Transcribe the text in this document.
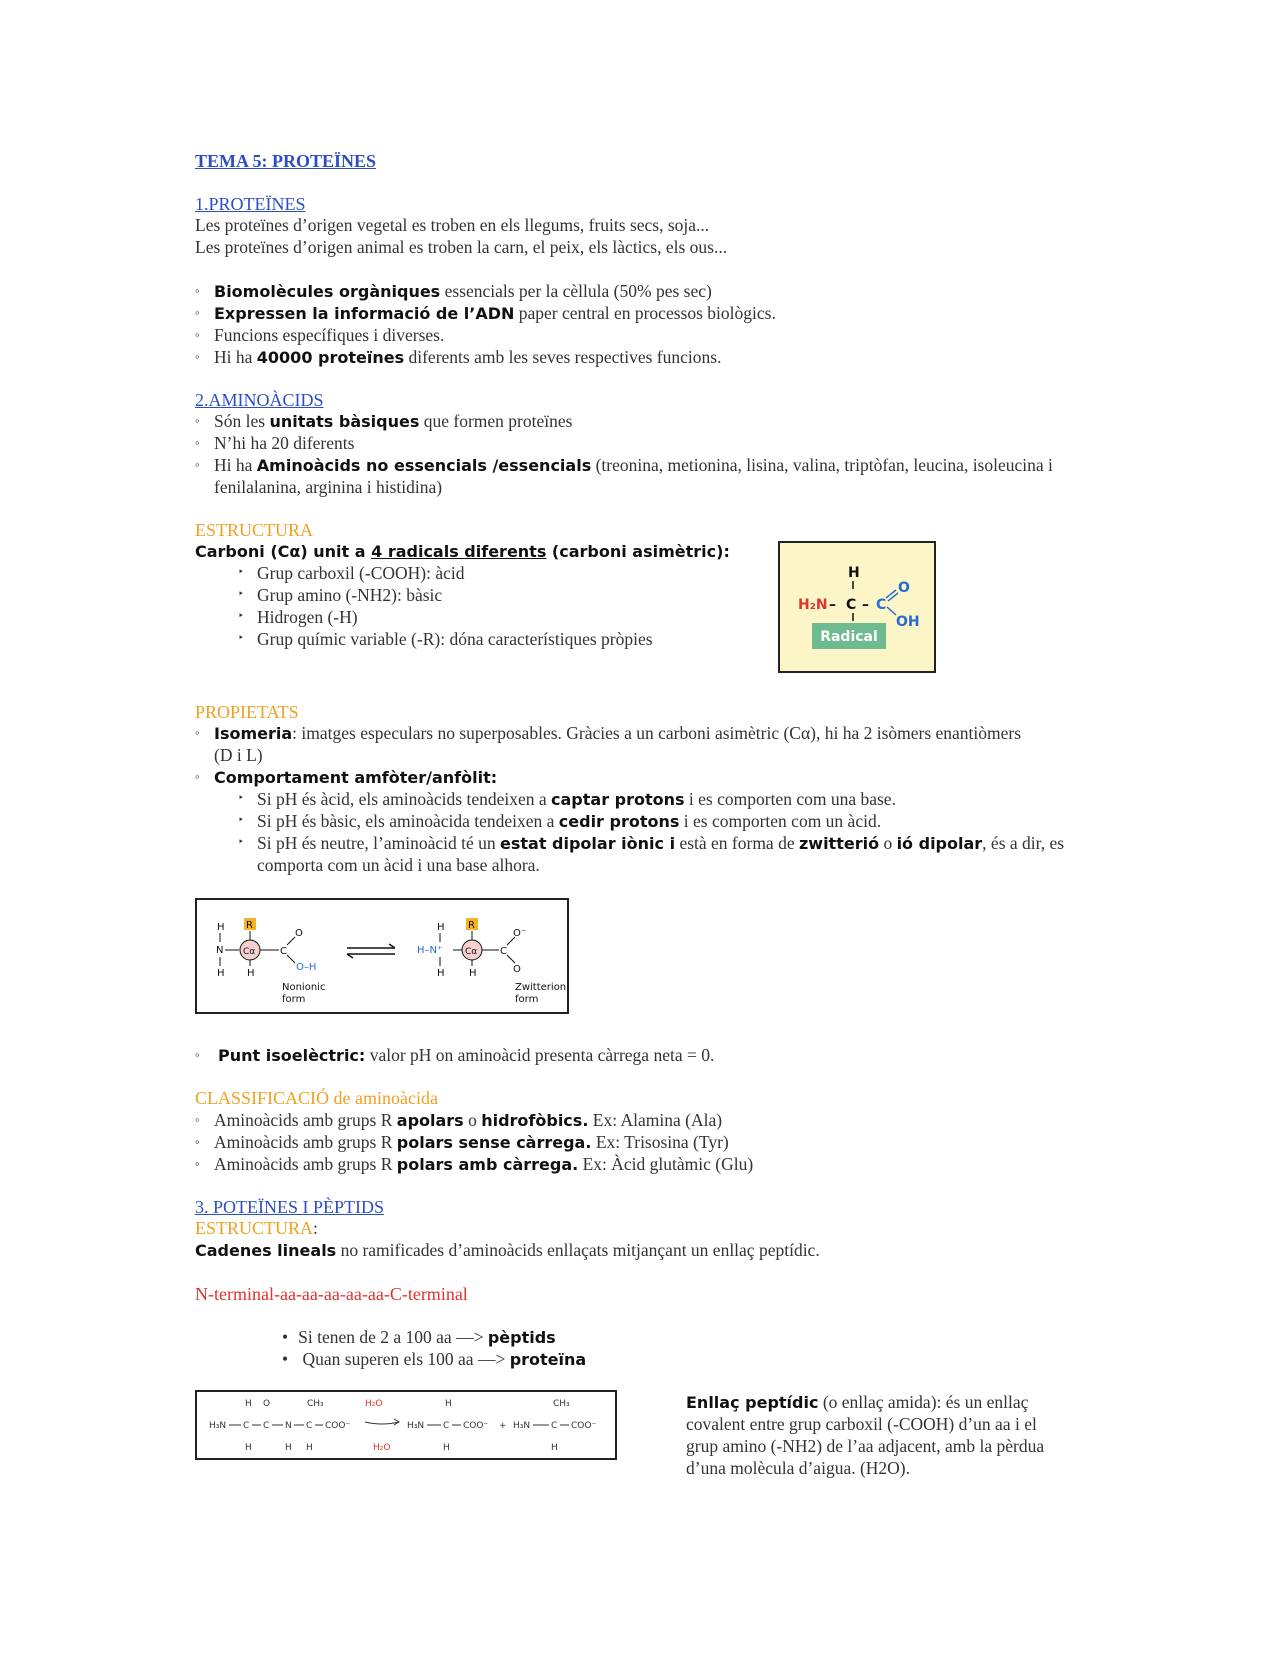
TEMA 5: PROTEÏNES
1.PROTEÏNES
Les proteïnes d’origen vegetal es troben en els llegums, fruits secs, soja...
Les proteïnes d’origen animal es troben la carn, el peix, els làctics, els ous...
◦ Biomolècules orgàniques essencials per la cèllula (50% pes sec)
◦ Expressen la informació de l’ADN paper central en processos biològics.
◦ Funcions específiques i diverses.
◦ Hi ha 40000 proteïnes diferents amb les seves respectives funcions.
2.AMINOÀCIDS
◦ Són les unitats bàsiques que formen proteïnes
◦ N’hi ha 20 diferents
◦ Hi ha Aminoàcids no essencials /essencials (treonina, metionina, lisina, valina, triptòfan, leucina, isoleucina i
fenilalanina, arginina i histidina)
ESTRUCTURA
Carboni (Cα) unit a 4 radicals diferents (carboni asimètric):
‣ Grup carboxil (-COOH): àcid
‣ Grup amino (-NH2): bàsic
‣ Hidrogen (-H)
‣ Grup químic variable (-R): dóna característiques pròpies
H
H₂N – C – C
O
OH
Radical
PROPIETATS
◦ Isomeria: imatges especulars no superposables. Gràcies a un carboni asimètric (Cα), hi ha 2 isòmers enantiòmers
(D i L)
◦ Comportament amfòter/anfòlit:
‣ Si pH és àcid, els aminoàcids tendeixen a captar protons i es comporten com una base.
‣ Si pH és bàsic, els aminoàcida tendeixen a cedir protons i es comporten com un àcid.
‣ Si pH és neutre, l’aminoàcid té un estat dipolar iònic i està en forma de zwitterió o ió dipolar, és a dir, es
comporta com un àcid i una base alhora.
H
N
H
R
Cα
H
C
O
O–H
Nonionic
form
H
H–N⁺
H
R
Cα
H
C
O⁻
O
Zwitterion
form
◦ Punt isoelèctric: valor pH on aminoàcid presenta càrrega neta = 0.
CLASSIFICACIÓ de aminoàcida
◦ Aminoàcids amb grups R apolars o hidrofòbics. Ex: Alamina (Ala)
◦ Aminoàcids amb grups R polars sense càrrega. Ex: Trisosina (Tyr)
◦ Aminoàcids amb grups R polars amb càrrega. Ex: Àcid glutàmic (Glu)
3. POTEÏNES I PÈPTIDS
ESTRUCTURA:
Cadenes lineals no ramificades d’aminoàcids enllaçats mitjançant un enllaç peptídic.
N-terminal-aa-aa-aa-aa-aa-C-terminal
• Si tenen de 2 a 100 aa —> pèptids
• Quan superen els 100 aa —> proteïna
H O	CH₃	H₂O	H	CH₃
H₃N C C N C COO⁻	H₃N C COO⁻ + H₃N C COO⁻
H	H H	H₂O	H	H
Enllaç peptídic (o enllaç amida): és un enllaç
covalent entre grup carboxil (-COOH) d’un aa i el
grup amino (-NH2) de l’aa adjacent, amb la pèrdua
d’una molècula d’aigua. (H2O).
